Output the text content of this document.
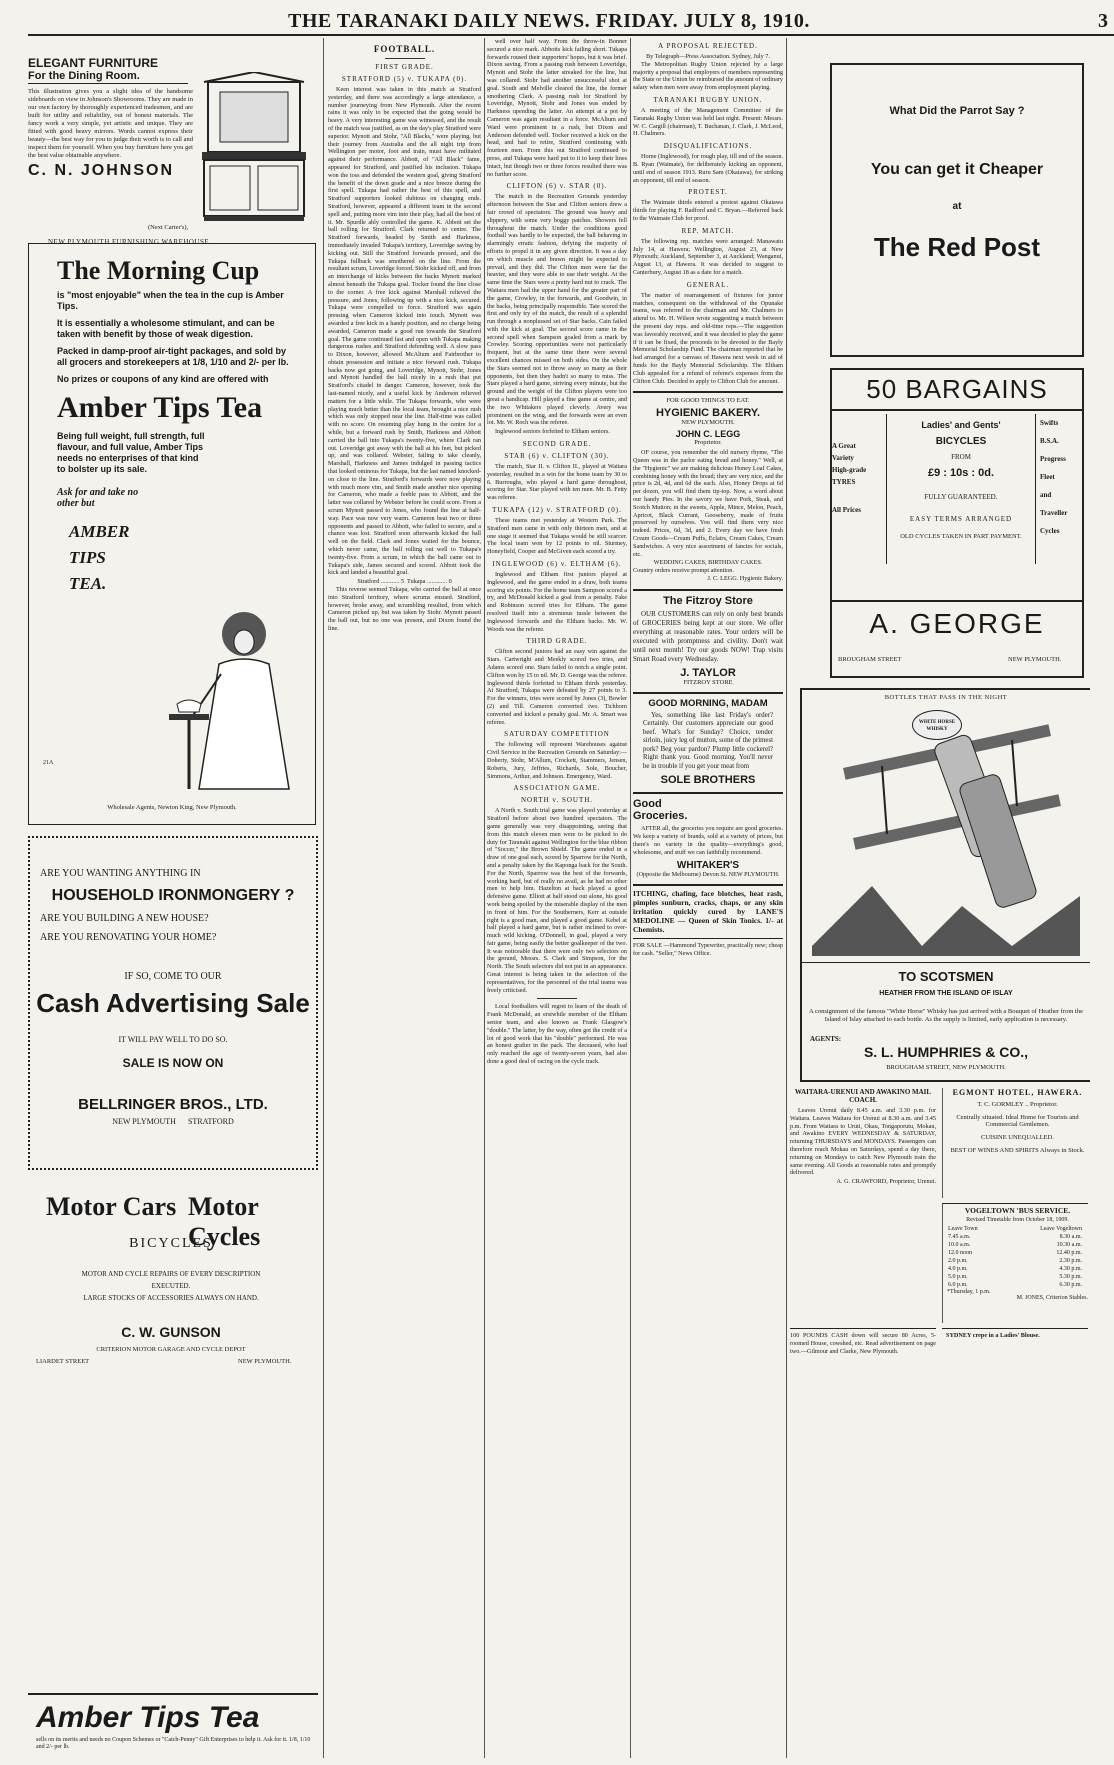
THE TARANAKI DAILY NEWS. FRIDAY. JULY 8, 1910.	3
ELEGANT FURNITURE
For the Dining Room.
This illustration gives you a slight idea of the handsome sideboards on view in Johnson's Showrooms. They are made in our own factory by thoroughly experienced tradesmen, and are built for utility and reliability, out of honest materials. The fancy work a very simple, yet artistic and unique. They are fitted with good heavy mirrors. Words cannot express their beauty—the best way for you to judge their worth is to call and inspect them for yourself. When you buy furniture here you get the best value obtainable anywhere.
C. N. JOHNSON
(Next Carter's),
NEW PLYMOUTH FURNISHING WAREHOUSE.
The Morning Cup
is "most enjoyable" when the tea in the cup is Amber Tips.
It is essentially a wholesome stimulant, and can be taken with benefit by those of weak digestion.
Packed in damp-proof air-tight packages, and sold by all grocers and storekeepers at 1/8, 1/10 and 2/- per lb.
No prizes or coupons of any kind are offered with
Amber Tips Tea
Being full weight, full strength, full flavour, and full value, Amber Tips needs no enterprises of that kind to bolster up its sale.
Ask for and take no other but
AMBER
TIPS
TEA.
21A
Wholesale Agents, Newton King, New Plymouth.
ARE YOU WANTING ANYTHING IN
HOUSEHOLD IRONMONGERY ?
ARE YOU BUILDING A NEW HOUSE?
ARE YOU RENOVATING YOUR HOME?
IF SO, COME TO OUR
Cash Advertising Sale
IT WILL PAY WELL TO DO SO.
SALE IS NOW ON
BELLRINGER BROS., LTD.
NEW PLYMOUTH      STRATFORD
Motor Cars Motor Cycles
BICYCLES
MOTOR AND CYCLE REPAIRS OF EVERY DESCRIPTION
EXECUTED.
LARGE STOCKS OF ACCESSORIES ALWAYS ON HAND.
C. W. GUNSON
CRITERION MOTOR GARAGE AND CYCLE DEPOT
LIARDET STREET	NEW PLYMOUTH.
Amber Tips Tea
sells on its merits and needs no Coupon Schemes or "Catch-Penny" Gift Enterprises to help it. Ask for it. 1/8, 1/10 and 2/- per lb.
FOOTBALL.
FIRST GRADE.
STRATFORD (5) v. TUKAPA (0).

Keen interest was taken in this match at Stratford yesterday, and there was accordingly a large attendance, a number journeying from New Plymouth. After the recent rains it was only to be expected that the going would be heavy. A very interesting game was witnessed, and the result of the match was justified, as on the day's play Stratford were superior. Mynott and Stohr, "All Blacks," were playing, but their journey from Australia and the all night trip from Wellington per motor, foot and train, must have militated against their performance. Abbott, of "All Black" fame, appeared for Stratford, and justified his inclusion. Tukapa won the toss and defended the western goal, giving Stratford the benefit of the down grade and a nice breeze during the first spell. Tukapa had rather the best of this spell, and Stratford supporters looked dubious on changing ends. Stratford, however, appeared a different team in the second spell and, putting more vim into their play, had all the best of it. Mr. Spurdle ably controlled the game. K. Abbott set the ball rolling for Stratford. Clark returned to centre. The Stratford forwards, headed by Smith and Harkness, immediately invaded Tukapa's territory, Loveridge saving by kicking out. Still the Stratford forwards pressed, and the Tukapa fullback was smothered on the line. From the resultant scrum, Loveridge forced. Stohr kicked off, and from an interchange of kicks between the backs Mynott marked almost beneath the Tukapa goal. Tocker found the line close to the corner. A free kick against Marshall relieved the pressure, and Jones, following up with a nice kick, secured. Tukapa were compelled to force. Stratford was again pressing when Cameron kicked into touch. Mynott was awarded a free kick in a handy position, and no charge being awarded, Cameron made a good run towards the Stratford goal. The game continued fast and open with Tukapa making dangerous rushes and Stratford defending well. A slow pass to Dixon, however, allowed McAlium and Fairbrother to obtain possession and initiate a nice forward rush. Tukapa backs now got going, and Loveridge, Mynott, Stohr, Jones and Mynott handled the ball nicely in a rush that put Stratford's citadel in danger. Cameron, however, took the last-named nicely, and a useful kick by Anderson relieved matters for a little while. The Tukapa forwards, who were playing much better than the local team, brought a nice rush which was only stopped near the line. Half-time was called with no score. On resuming play hung in the centre for a while, but a forward rush by Smith, Harkness and Abbott carried the ball into Tukapa's twenty-five, where Clark ran out. Loveridge got away with the ball at his feet, but picked up, and was collared. Webster, failing to take cleanly, Marshall, Harkness and James indulged in passing tactics that looked ominous for Tukapa, but the last named knocked-on close to the line. Stratford's forwards were now playing with much more vim, and Smith made another nice opening for Cameron, who made a feeble pass to Abbott, and the latter was collared by Webster before he could score. From a scrum Mynott passed to Jones, who found the line at half-way. Pace was now very warm. Cameron beat two or three opponents and passed to Abbott, who failed to secure, and a chance was lost. Stratford soon afterwards kicked the ball well on the field. Clark and Jones waited for the bounce, which never came, the ball rolling out well to Tukapa's twenty-five. From a scrum, in which the ball came out to Tukapa's side, James secured and scored. Abbott took the kick and landed a beautiful goal.

Stratford ............ 5  Tukapa ............. 0

This reverse seemed Tukapa, who carried the ball at once into Stratford territory, where scrums ensued. Stratford, however, broke away, and scrambling resulted, from which Cameron picked up, but was taken by Stohr. Mynott passed the ball out, but no one was present, and Dixon found the line.

well over half way. From the throw-in Bonner secured a nice mark. Abbotts kick failing short. Tukapa forwards roused their supporters' hopes, but it was brief. Dixon saving. From a passing rush between Loveridge, Mynott and Stohr the latter streaked for the line, but was collared. Stohr had another unsuccessful shot at goal. South and Melville cleared the line, the former smothering Clark. A passing rush for Stratford by Loveridge, Mynott, Stohr and Jones was ended by Harkness upending the latter. An attempt at a pot by Cameron was again resultant in a force. McAlium and Ward were prominent in a rush, but Dixon and Anderson defended well. Tocker received a kick on the head, and had to retire, Stratford continuing with fourteen men. From this out Stratford continued to press, and Tukapa were hard put to it to keep their lines intact, but though two or three forces resulted there was no further score.

CLIFTON (6) v. STAR (0).

The match in the Recreation Grounds yesterday afternoon between the Star and Clifton seniors drew a fair crowd of spectators. The ground was heavy and slippery, with some very boggy patches. Showers fell throughout the match. Under the conditions good football was hardly to be expected, the ball behaving in alarmingly erratic fashion, defying the majority of efforts to propel it in any given direction. It was a day on which muscle and brawn might be expected to prevail, and they did. The Clifton men were far the heavier, and they were able to use their weight. At the same time the Stars were a pretty hard nut to crack. The Waitara men had the upper hand for the greater part of the game, Crowley, in the forwards, and Goodwin, in the backs, being principally responsible. Tate scored the first and only try of the match, the result of a splendid run through a nonplussed set of Star backs. Cain failed with the kick at goal. The second score came in the second spell when Sampson goaled from a mark by Crowley. Scoring opportunities were not particularly frequent, but at the same time there were several excellent chances missed on both sides. On the whole the Stars seemed not to throw away so many as their opponents, but then they hadn't so many to miss. The Stars played a hard game, striving every minute, but the ground and the weight of the Clifton players were too great a handicap. Hill played a fine game at centre, and the two Whitakers played cleverly. Avery was prominent on the wing, and the forwards were an even lot. Mr. W. Roch was the referee.

Inglewood seniors forfeited to Eltham seniors.

SECOND GRADE.
STAR (6) v. CLIFTON (30).

The match, Star II. v. Clifton II., played at Waitara yesterday, resulted in a win for the home team by 30 to 6. Burroughs, who played a hard game throughout, scoring for Star. Star played with ten men. Mr. B. Fetty was referee.

TUKAPA (12) v. STRATFORD (0).

These teams met yesterday at Western Park. The Stratford men came in with only thirteen men, and at one stage it seemed that Tukapa would be still scarcer. The local team won by 12 points to nil. Sturmey, Honeyfield, Cooper and McGiven each scored a try.

INGLEWOOD (6) v. ELTHAM (6).

Inglewood and Eltham first juniors played at Inglewood, and the game ended in a draw, both teams scoring six points. For the home team Sampson scored a try, and McDonald kicked a goal from a penalty. Fake and Robinson scored tries for Eltham. The game resolved itself into a strenuous tussle between the Inglewood forwards and the Eltham backs. Mr. W. Woods was the referee.

THIRD GRADE.

Clifton second juniors had an easy win against the Stars. Cartwright and Meekly scored two tries, and Adams scored one. Stars failed to notch a single point. Clifton won by 15 to nil. Mr. D. George was the referee. Inglewood thirds forfeited to Eltham thirds yesterday. At Stratford, Tukapa were defeated by 27 points to 3. For the winners, tries were scored by Jones (3), Bowler (2) and Till. Cameron converted two. Tichborn converted and kicked a penalty goal. Mr. A. Smart was referee.

SATURDAY COMPETITION

The following will represent Warehouses against Civil Service in the Recreation Grounds on Saturday:—Doherty, Stohr, M'Allum, Crockett, Stammers, Jensen, Roberts, Jury, Jeffries, Richards, Sole, Boucher, Simmons, Arthur, and Johnson. Emergency, Ward.

ASSOCIATION GAME.
NORTH v. SOUTH.

A North v. South trial game was played yesterday at Stratford before about two hundred spectators. The game generally was very disappointing, seeing that from this match eleven men were to be picked to do duty for Taranaki against Wellington for the blue ribbon of "Soccer," the Brown Shield. The game ended in a draw of one goal each, scored by Sparrow for the North, and a penalty taken by the Kaponga back for the South. For the North, Sparrow was the best of the forwards, working hard, but of really no avail, as he had no other men to help him. Hazelton at back played a good defensive game. Elliott at half stood out alone, his good work being spoiled by the miserable display of the men in front of him. For the Southerners, Kerr at outside right is a good man, and played a good game. Kebel at half played a hard game, but is rather inclined to over-much wild kicking. O'Donnell, in goal, played a very fair game, being easily the better goalkeeper of the two. It was noticeable that there were only two selectors on the ground, Messrs. S. Clark and Simpson, for the North. The South selectors did not put in an appearance. Great interest is being taken in the selection of the representatives, for the personnel of the trial teams was freely criticised.

Local footballers will regret to learn of the death of Frank McDonald, an erstwhile member of the Eltham senior team, and also known as Frank Glasgow's "double." The latter, by the way, often got the credit of a lot of good work that his "double" performed. He was an honest grafter in the pack. The deceased, who had only reached the age of twenty-seven years, had also done a good deal of racing on the cycle track.

A PROPOSAL REJECTED.
By Telegraph—Press Association. Sydney, July 7.

The Metropolitan Rugby Union rejected by a large majority a proposal that employers of members representing the State or the Union be reimbursed the amount of ordinary salary when men were away from employment playing.

TARANAKI RUGBY UNION.

A meeting of the Management Committee of the Taranaki Rugby Union was held last night. Present: Messrs. W. C. Cargill (chairman), T. Buchanan, J. Clark, J. McLeod, H. Chalmers.

DISQUALIFICATIONS.

Horne (Inglewood), for rough play, till end of the season. B. Ryan (Waimate), for deliberately kicking an opponent, until end of season 1913. Ruru Sam (Okaiawa), for striking an opponent, till end of season.

PROTEST.

The Waimate thirds entered a protest against Okaiawa thirds for playing F. Radford and C. Bryan.—Referred back to the Waimate Club for proof.

REP. MATCH.

The following rep. matches were arranged: Manawatu July 14, at Hawera; Wellington, August 23, at New Plymouth; Auckland, September 3, at Auckland; Wanganui, August 13, at Hawera. It was decided to suggest to Canterbury, August 18 as a date for a match.

GENERAL.

The matter of rearrangement of fixtures for junior matches, consequent on the withdrawal of the Opunake teams, was referred to the chairman and Mr. Chalmers to attend to. Mr. H. Wilson wrote suggesting a match between the present day reps. and old-time reps.—The suggestion was favorably received, and it was decided to play the game if it can be fixed, the proceeds to be devoted to the Bayly Memorial Scholarship Fund. The chairman reported that he had arranged for a canvass of Hawera next week in aid of funds for the Bayly Memorial Scholarship. The Eltham Club appealed for a refund of referee's expenses from the Clifton Club. Decided to apply to Clifton Club for amount.

FOR GOOD THINGS TO EAT.
HYGIENIC BAKERY.
NEW PLYMOUTH.
JOHN C. LEGG
Proprietor.

OF course, you remember the old nursery rhyme, "The Queen was in the parlor eating bread and honey." Well, at the "Hygienic" we are making delicious Honey Loaf Cakes, combining honey with the bread; they are very nice, and the price is 2d, 4d, and 6d the each. Also, Honey Drops at 6d per dozen, you will find them tip-top. Now, a word about our handy Pies. In the savory we have Pork, Steak, and Scotch Mutton; in the sweets, Apple, Mince, Melon, Peach, Apricot, Black Currant, Gooseberry, made of fruits preserved by ourselves. You will find them very nice indeed. Prices, 6d, 3d, and 2. Every day we have fresh Cream Goods—Cream Puffs, Eclairs, Cream Cakes, Cream Sandwiches. A very nice assortment of fancies for socials, etc.

WEDDING CAKES, BIRTHDAY CAKES.
Country orders receive prompt attention.
J. C. LEGG. Hygienic Bakery.
The Fitzroy Store

OUR CUSTOMERS can rely on only best brands of GROCERIES being kept at our store. We offer everything at reasonable rates. Your orders will be executed with promptness and civility. Don't wait until next month! Try our goods NOW! Trap visits Smart Road every Wednesday.

J. TAYLOR
FITZROY STORE
GOOD MORNING, MADAM

Yes, something like last Friday's order? Certainly. Our customers appreciate our good beef. What's for Sunday? Choice, tender sirloin, juicy leg of mutton, some of the primest pork? Beg your pardon? Plump little cockerel? Right thank you. Good morning. You'll never be in trouble if you get your meat from

SOLE BROTHERS
Good
Groceries.

AFTER all, the groceries you require are good groceries. We keep a variety of brands, sold at a variety of prices, but there's no variety in the quality—everything's good, wholesome, and stuff we can faithfully recommend.

WHITAKER'S
(Opposite the Melbourne) Devon St. NEW PLYMOUTH.
ITCHING, chafing, face blotches, heat rash, pimples sunburn, cracks, chaps, or any skin irritation quickly cured by LANE'S MEDOLINE — Queen of Skin Tonics. 1/- at Chemists.
FOR SALE —Hammond Typewriter, practically new; cheap for cash. "Seller," News Office.
What Did the Parrot Say ?
You can get it Cheaper
at
The Red Post
50 BARGAINS
A Great
Variety
High-grade
TYRES
All Prices
Ladies' and Gents'
BICYCLES
FROM
£9 : 10s : 0d.
FULLY GUARANTEED.
EASY TERMS ARRANGED
OLD CYCLES TAKEN IN PART PAYMENT.
Swifts
B.S.A.
Progress
Fleet
and
Traveller
Cycles
A. GEORGE
BROUGHAM STREET	NEW PLYMOUTH.
BOTTLES THAT PASS IN THE NIGHT
WHITE HORSE WHISKY
TO SCOTSMEN
HEATHER FROM THE ISLAND OF ISLAY
A consignment of the famous "White Horse" Whisky has just arrived with a Bouquet of Heather from the Island of Islay attached to each bottle. As the supply is limited, early application is necessary.
AGENTS:
S. L. HUMPHRIES & CO.,
BROUGHAM STREET, NEW PLYMOUTH.
WAITARA-URENUI AND AWAKINO MAIL COACH.

Leaves Urenui daily 8.45 a.m. and 3.30 p.m. for Waitara. Leaves Waitara for Urenui at 8.30 a.m. and 3.45 p.m. From Waitara to Uruti, Okau, Tongaporutu, Mokau, and Awakino EVERY WEDNESDAY & SATURDAY, returning THURSDAYS and MONDAYS. Passengers can therefore reach Mokau on Saturdays, spend a day there, returning on Mondays to catch New Plymouth train the same evening. All Goods at reasonable rates and promptly delivered.

A. G. CRAWFORD, Proprietor, Urenui.
EGMONT HOTEL, HAWERA.
T. C. GORMLEY .. Proprietor.
Centrally situated. Ideal Home for Tourists and Commercial Gentlemen.
CUISINE UNEQUALLED.
BEST OF WINES AND SPIRITS Always in Stock.
VOGELTOWN 'BUS SERVICE.
Revised Timetable from October 18, 1909.
Leave Town	Leave Vogeltown
7.45 a.m.	8.30 a.m.
10.0 a.m.	10.30 a.m.
12.0 noon	12.40 p.m.
2.0 p.m.	2.30 p.m.
4.0 p.m.	4.30 p.m.
5.0 p.m.	5.30 p.m.
6.0 p.m.	6.30 p.m.
*Thursday, 1 p.m.
M. JONES, Criterion Stables.
100 POUNDS CASH down will secure 80 Acres, 5-roomed House, cowshed, etc. Read advertisement on page two.—Gilmour and Clarke, New Plymouth.
SYDNEY crepe in a Ladies' Blouse.
